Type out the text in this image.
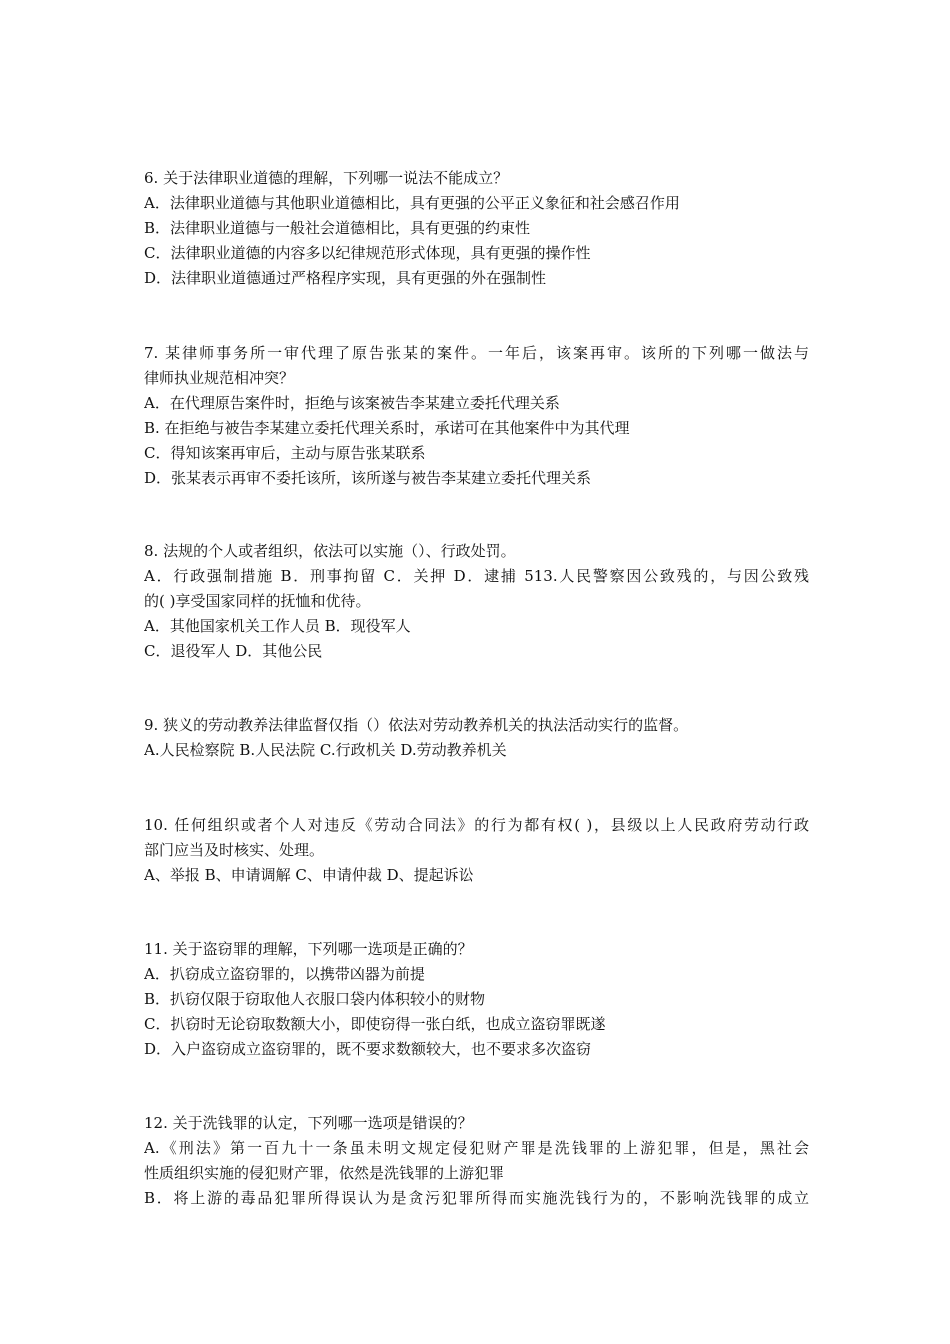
6. 关于法律职业道德的理解，下列哪一说法不能成立？
A．法律职业道德与其他职业道德相比，具有更强的公平正义象征和社会感召作用
B．法律职业道德与一般社会道德相比，具有更强的约束性
C．法律职业道德的内容多以纪律规范形式体现，具有更强的操作性
D．法律职业道德通过严格程序实现，具有更强的外在强制性
7. 某律师事务所一审代理了原告张某的案件。一年后，该案再审。该所的下列哪一做法与
律师执业规范相冲突？
A．在代理原告案件时，拒绝与该案被告李某建立委托代理关系
B. 在拒绝与被告李某建立委托代理关系时，承诺可在其他案件中为其代理
C．得知该案再审后，主动与原告张某联系
D．张某表示再审不委托该所，该所遂与被告李某建立委托代理关系
8. 法规的个人或者组织，依法可以实施（）、行政处罚。
A．行政强制措施 B．刑事拘留 C．关押 D．逮捕 513.人民警察因公致残的，与因公致残
的( )享受国家同样的抚恤和优待。
A．其他国家机关工作人员 B．现役军人
C．退役军人 D．其他公民
9. 狭义的劳动教养法律监督仅指（）依法对劳动教养机关的执法活动实行的监督。
A.人民检察院 B.人民法院 C.行政机关 D.劳动教养机关
10. 任何组织或者个人对违反《劳动合同法》的行为都有权( )，县级以上人民政府劳动行政
部门应当及时核实、处理。
A、举报 B、申请调解 C、申请仲裁 D、提起诉讼
11. 关于盗窃罪的理解，下列哪一选项是正确的？
A．扒窃成立盗窃罪的，以携带凶器为前提
B．扒窃仅限于窃取他人衣服口袋内体积较小的财物
C．扒窃时无论窃取数额大小，即使窃得一张白纸，也成立盗窃罪既遂
D．入户盗窃成立盗窃罪的，既不要求数额较大，也不要求多次盗窃
12. 关于洗钱罪的认定，下列哪一选项是错误的？
A.《刑法》第一百九十一条虽未明文规定侵犯财产罪是洗钱罪的上游犯罪，但是，黑社会
性质组织实施的侵犯财产罪，依然是洗钱罪的上游犯罪
B．将上游的毒品犯罪所得误认为是贪污犯罪所得而实施洗钱行为的，不影响洗钱罪的成立
